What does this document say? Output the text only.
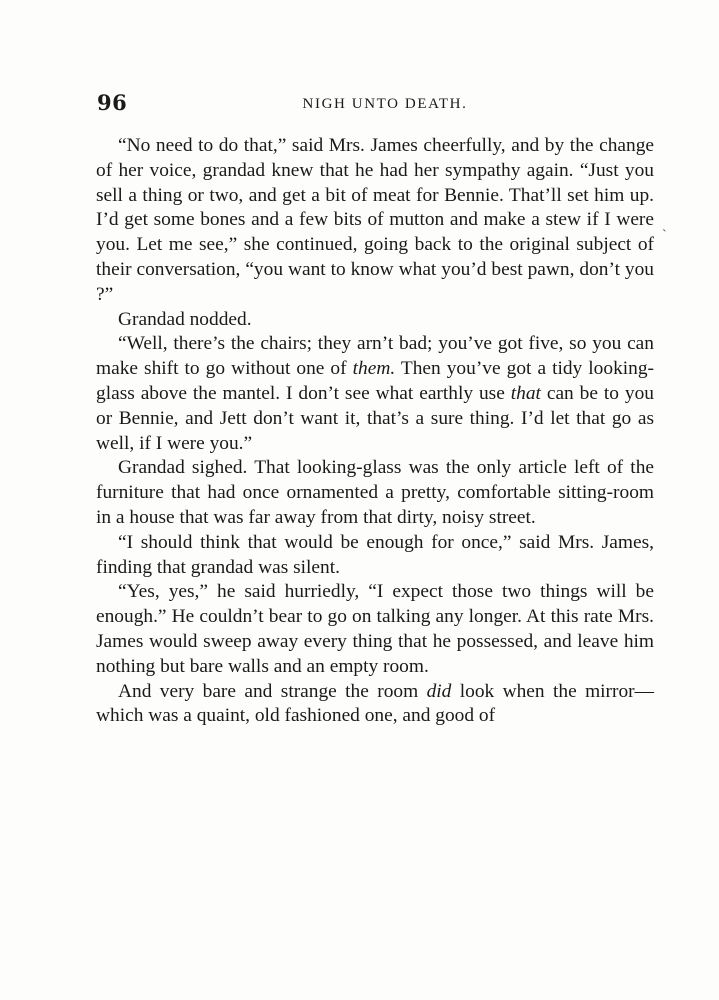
96	NIGH UNTO DEATH.
ˋ

“No need to do that,” said Mrs. James cheerfully, and by the change of her voice, grandad knew that he had her sympathy again. “Just you sell a thing or two, and get a bit of meat for Bennie. That’ll set him up. I’d get some bones and a few bits of mutton and make a stew if I were you. Let me see,” she continued, going back to the original subject of their conversation, “you want to know what you’d best pawn, don’t you ?”

Grandad nodded.

“Well, there’s the chairs; they arn’t bad; you’ve got five, so you can make shift to go without one of them. Then you’ve got a tidy looking-glass above the mantel. I don’t see what earthly use that can be to you or Bennie, and Jett don’t want it, that’s a sure thing. I’d let that go as well, if I were you.”

Grandad sighed. That looking-glass was the only article left of the furniture that had once ornamented a pretty, comfortable sitting-room in a house that was far away from that dirty, noisy street.

“I should think that would be enough for once,” said Mrs. James, finding that grandad was silent.

“Yes, yes,” he said hurriedly, “I expect those two things will be enough.” He couldn’t bear to go on talking any longer. At this rate Mrs. James would sweep away every thing that he possessed, and leave him nothing but bare walls and an empty room.

And very bare and strange the room did look when the mirror—which was a quaint, old fashioned one, and good of
